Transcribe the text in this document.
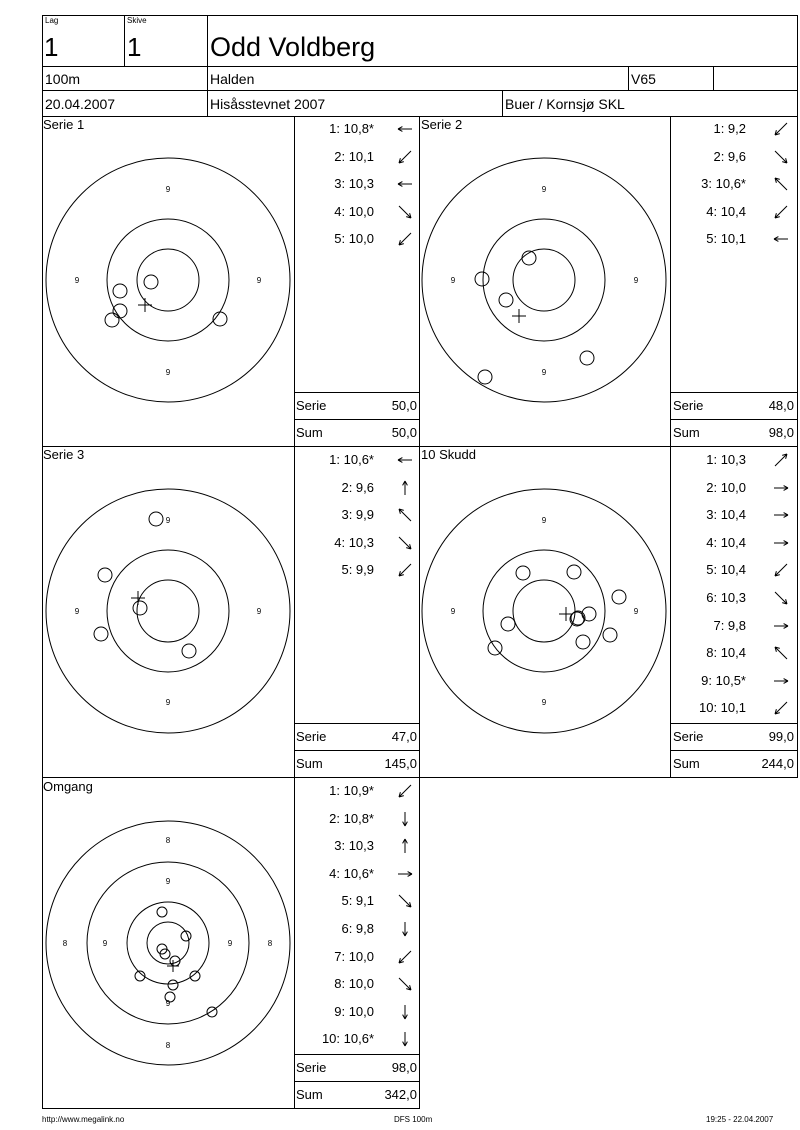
Lag
1
Skive
1	Odd Voldberg
100m	Halden	V65
20.04.2007	Hisåsstevnet 2007	Buer / Kornsjø SKL
Serie 1	Serie 2
Serie 3	10 Skudd
Omgang
9
9	9
9
9
9	9
9
9
9	9
9
9
9	9
9
8
8	8
8
9
9	9
9
1: 10,8*
2: 10,1
3: 10,3
4: 10,0
5: 10,0
1: 9,2
2: 9,6
3: 10,6*
4: 10,4
5: 10,1
1: 10,6*
2: 9,6
3: 9,9
4: 10,3
5: 9,9
1: 10,3
2: 10,0
3: 10,4
4: 10,4
5: 10,4
6: 10,3
7: 9,8
8: 10,4
9: 10,5*
10: 10,1
1: 10,9*
2: 10,8*
3: 10,3
4: 10,6*
5: 9,1
6: 9,8
7: 10,0
8: 10,0
9: 10,0
10: 10,6*
Serie	50,0
Sum	50,0
Serie	48,0
Sum	98,0
Serie	47,0
Sum	145,0
Serie	99,0
Sum	244,0
Serie	98,0
Sum	342,0
http://www.megalink.no	DFS 100m	19:25 - 22.04.2007
